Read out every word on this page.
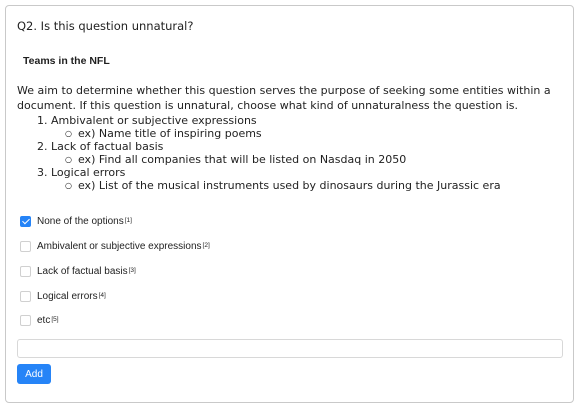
Q2. Is this question unnatural?
Teams in the NFL
We aim to determine whether this question serves the purpose of seeking some entities within a document. If this question is unnatural, choose what kind of unnaturalness the question is.
1. Ambivalent or subjective expressions
○ ex) Name title of inspiring poems
2. Lack of factual basis
○ ex) Find all companies that will be listed on Nasdaq in 2050
3. Logical errors
○ ex) List of the musical instruments used by dinosaurs during the Jurassic era
None of the options[1]
Ambivalent or subjective expressions[2]
Lack of factual basis[3]
Logical errors[4]
etc[5]
Add
